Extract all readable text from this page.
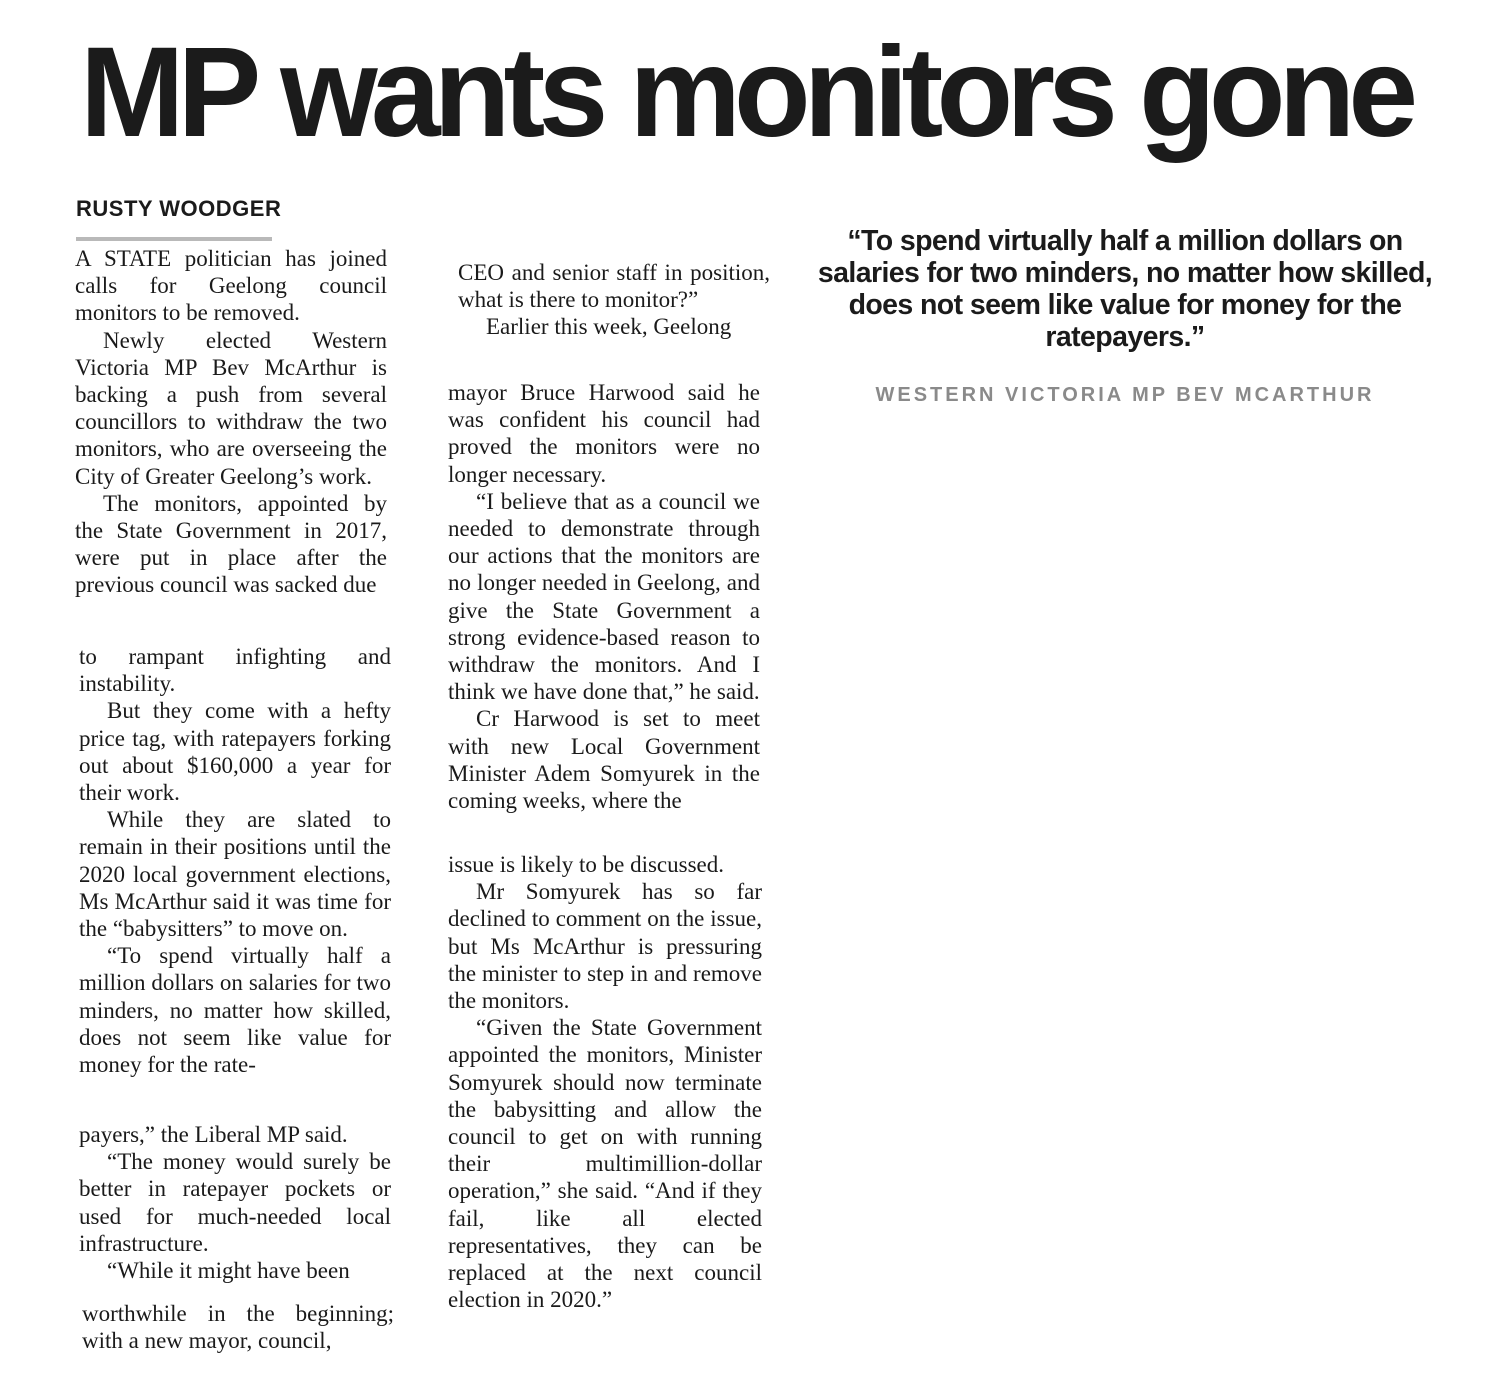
MP wants monitors gone
RUSTY WOODGER

A STATE politician has joined calls for Geelong council monitors to be removed.

Newly elected Western Victoria MP Bev McArthur is backing a push from several councillors to withdraw the two monitors, who are overseeing the City of Greater Geelong’s work.

The monitors, appointed by the State Government in 2017, were put in place after the previous council was sacked due

to rampant infighting and instability.

But they come with a hefty price tag, with ratepayers forking out about $160,000 a year for their work.

While they are slated to remain in their positions until the 2020 local government elections, Ms McArthur said it was time for the “babysitters” to move on.

“To spend virtually half a million dollars on salaries for two minders, no matter how skilled, does not seem like value for money for the rate-

payers,” the Liberal MP said.

“The money would surely be better in ratepayer pockets or used for much-needed local infrastructure.

“While it might have been

worthwhile in the beginning; with a new mayor, council,

CEO and senior staff in position, what is there to monitor?”

Earlier this week, Geelong

mayor Bruce Harwood said he was confident his council had proved the monitors were no longer necessary.

“I believe that as a council we needed to demonstrate through our actions that the monitors are no longer needed in Geelong, and give the State Government a strong evidence-based reason to withdraw the monitors. And I think we have done that,” he said.

Cr Harwood is set to meet with new Local Government Minister Adem Somyurek in the coming weeks, where the

issue is likely to be discussed.

Mr Somyurek has so far declined to comment on the issue, but Ms McArthur is pressuring the minister to step in and remove the monitors.

“Given the State Government appointed the monitors, Minister Somyurek should now terminate the babysitting and allow the council to get on with running their multimillion-dollar operation,” she said. “And if they fail, like all elected representatives, they can be replaced at the next council election in 2020.”

“To spend virtually half a million dollars on salaries for two minders, no matter how skilled, does not seem like value for money for the ratepayers.”

WESTERN VICTORIA MP BEV MCARTHUR
